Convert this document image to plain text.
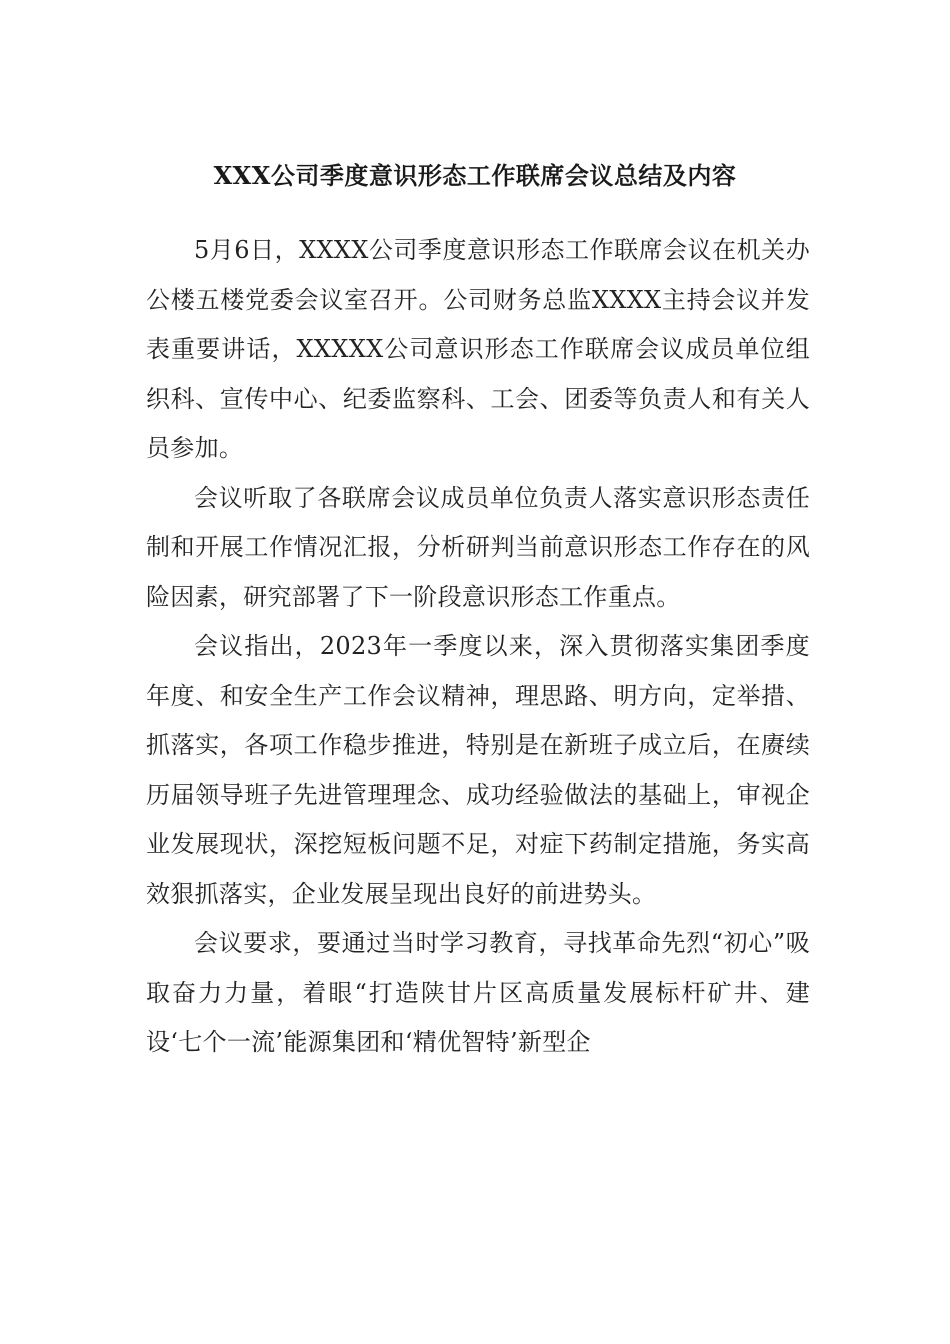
XXX公司季度意识形态工作联席会议总结及内容

5月6日，XXXX公司季度意识形态工作联席会议在机关办公楼五楼党委会议室召开。公司财务总监XXXX主持会议并发表重要讲话，XXXXX公司意识形态工作联席会议成员单位组织科、宣传中心、纪委监察科、工会、团委等负责人和有关人员参加。

会议听取了各联席会议成员单位负责人落实意识形态责任制和开展工作情况汇报，分析研判当前意识形态工作存在的风险因素，研究部署了下一阶段意识形态工作重点。

会议指出，2023年一季度以来，深入贯彻落实集团季度年度、和安全生产工作会议精神，理思路、明方向，定举措、抓落实，各项工作稳步推进，特别是在新班子成立后，在赓续历届领导班子先进管理理念、成功经验做法的基础上，审视企业发展现状，深挖短板问题不足，对症下药制定措施，务实高效狠抓落实，企业发展呈现出良好的前进势头。

会议要求，要通过当时学习教育，寻找革命先烈“初心”吸取奋力力量，着眼“打造陕甘片区高质量发展标杆矿井、建设‘七个一流’能源集团和‘精优智特’新型企
